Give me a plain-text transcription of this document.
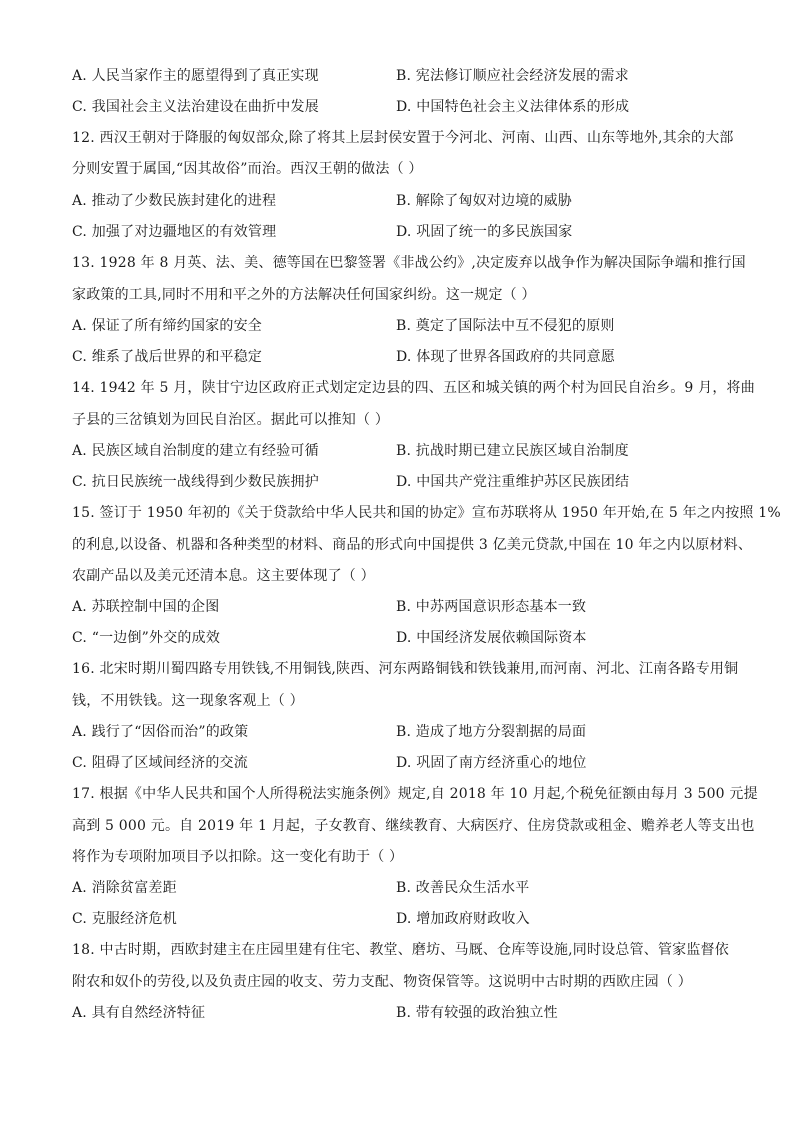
A. 人民当家作主的愿望得到了真正实现	B. 宪法修订顺应社会经济发展的需求
C. 我国社会主义法治建设在曲折中发展	D. 中国特色社会主义法律体系的形成
12. 西汉王朝对于降服的匈奴部众,除了将其上层封侯安置于今河北、河南、山西、山东等地外,其余的大部
分则安置于属国,“因其故俗”而治。西汉王朝的做法（ ）
A. 推动了少数民族封建化的进程	B. 解除了匈奴对边境的威胁
C. 加强了对边疆地区的有效管理	D. 巩固了统一的多民族国家
13. 1928 年 8 月英、法、美、德等国在巴黎签署《非战公约》,决定废弃以战争作为解决国际争端和推行国
家政策的工具,同时不用和平之外的方法解决任何国家纠纷。这一规定（ ）
A. 保证了所有缔约国家的安全	B. 奠定了国际法中互不侵犯的原则
C. 维系了战后世界的和平稳定	D. 体现了世界各国政府的共同意愿
14. 1942 年 5 月，陕甘宁边区政府正式划定定边县的四、五区和城关镇的两个村为回民自治乡。9 月，将曲
子县的三岔镇划为回民自治区。据此可以推知（ ）
A. 民族区域自治制度的建立有经验可循	B. 抗战时期已建立民族区域自治制度
C. 抗日民族统一战线得到少数民族拥护	D. 中国共产党注重维护苏区民族团结
15. 签订于 1950 年初的《关于贷款给中华人民共和国的协定》宣布苏联将从 1950 年开始,在 5 年之内按照 1%
的利息,以设备、机器和各种类型的材料、商品的形式向中国提供 3 亿美元贷款,中国在 10 年之内以原材料、
农副产品以及美元还清本息。这主要体现了（ ）
A. 苏联控制中国的企图	B. 中苏两国意识形态基本一致
C. “一边倒”外交的成效	D. 中国经济发展依赖国际资本
16. 北宋时期川蜀四路专用铁钱,不用铜钱,陕西、河东两路铜钱和铁钱兼用,而河南、河北、江南各路专用铜
钱，不用铁钱。这一现象客观上（ ）
A. 践行了“因俗而治”的政策	B. 造成了地方分裂割据的局面
C. 阻碍了区域间经济的交流	D. 巩固了南方经济重心的地位
17. 根据《中华人民共和国个人所得税法实施条例》规定,自 2018 年 10 月起,个税免征额由每月 3 500 元提
高到 5 000 元。自 2019 年 1 月起，子女教育、继续教育、大病医疗、住房贷款或租金、赡养老人等支出也
将作为专项附加项目予以扣除。这一变化有助于（ ）
A. 消除贫富差距	B. 改善民众生活水平
C. 克服经济危机	D. 增加政府财政收入
18. 中古时期，西欧封建主在庄园里建有住宅、教堂、磨坊、马厩、仓库等设施,同时设总管、管家监督依
附农和奴仆的劳役,以及负责庄园的收支、劳力支配、物资保管等。这说明中古时期的西欧庄园（ ）
A. 具有自然经济特征	B. 带有较强的政治独立性
